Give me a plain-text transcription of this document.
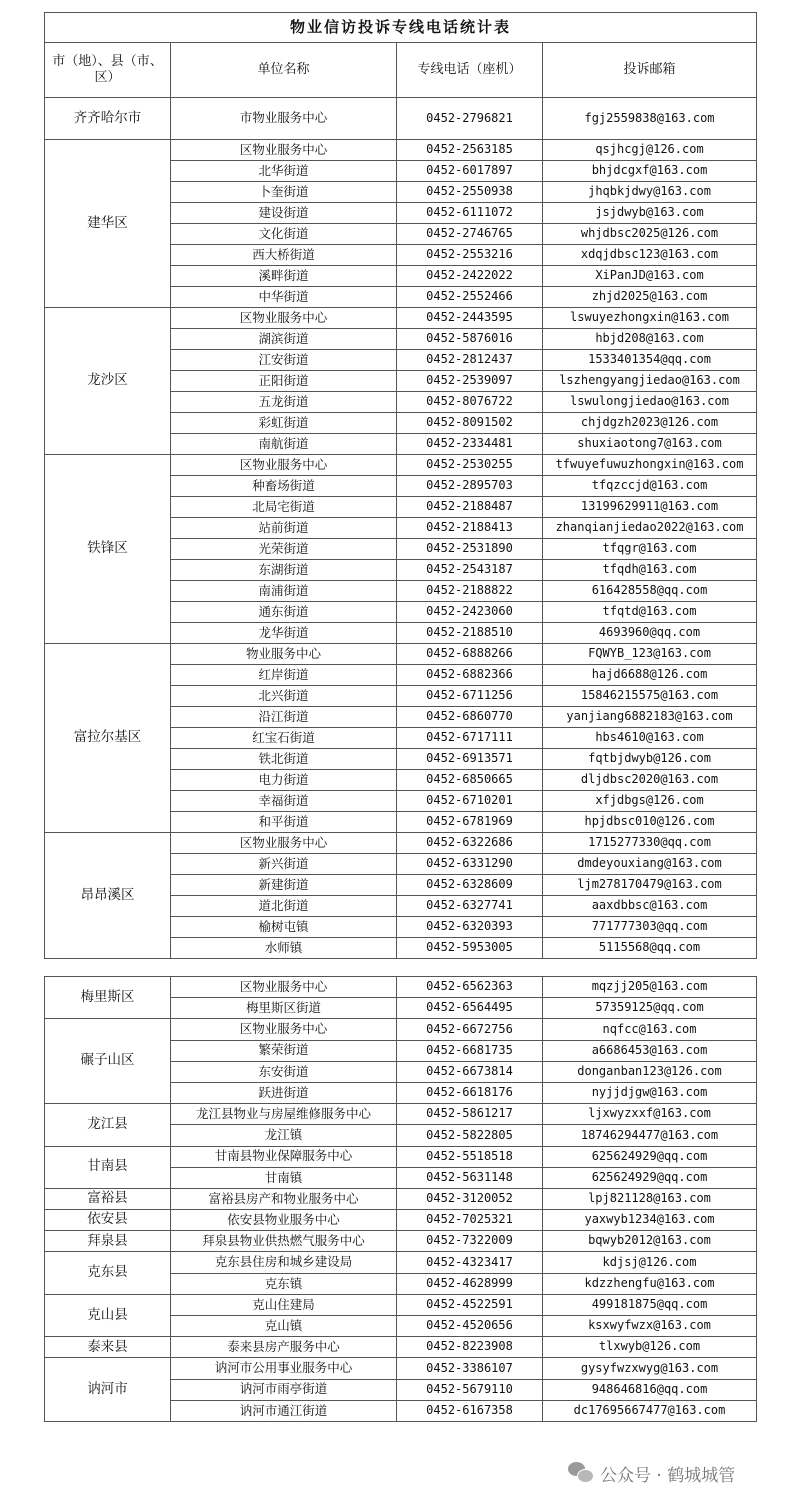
物业信访投诉专线电话统计表			
市（地）、县（市、区）	单位名称	专线电话（座机）	投诉邮箱
齐齐哈尔市	市物业服务中心	0452-2796821	fgj2559838@163.com
建华区	区物业服务中心	0452-2563185	qsjhcgj@126.com
	北华街道	0452-6017897	bhjdcgxf@163.com
	卜奎街道	0452-2550938	jhqbkjdwy@163.com
	建设街道	0452-6111072	jsjdwyb@163.com
	文化街道	0452-2746765	whjdbsc2025@126.com
	西大桥街道	0452-2553216	xdqjdbsc123@163.com
	溪畔街道	0452-2422022	XiPanJD@163.com
	中华街道	0452-2552466	zhjd2025@163.com
龙沙区	区物业服务中心	0452-2443595	lswuyezhongxin@163.com
	湖滨街道	0452-5876016	hbjd208@163.com
	江安街道	0452-2812437	1533401354@qq.com
	正阳街道	0452-2539097	lszhengyangjiedao@163.com
	五龙街道	0452-8076722	lswulongjiedao@163.com
	彩虹街道	0452-8091502	chjdgzh2023@126.com
	南航街道	0452-2334481	shuxiaotong7@163.com
铁锋区	区物业服务中心	0452-2530255	tfwuyefuwuzhongxin@163.com
	种畜场街道	0452-2895703	tfqzccjd@163.com
	北局宅街道	0452-2188487	13199629911@163.com
	站前街道	0452-2188413	zhanqianjiedao2022@163.com
	光荣街道	0452-2531890	tfqgr@163.com
	东湖街道	0452-2543187	tfqdh@163.com
	南浦街道	0452-2188822	616428558@qq.com
	通东街道	0452-2423060	tfqtd@163.com
	龙华街道	0452-2188510	4693960@qq.com
富拉尔基区	物业服务中心	0452-6888266	FQWYB_123@163.com
	红岸街道	0452-6882366	hajd6688@126.com
	北兴街道	0452-6711256	15846215575@163.com
	沿江街道	0452-6860770	yanjiang6882183@163.com
	红宝石街道	0452-6717111	hbs4610@163.com
	铁北街道	0452-6913571	fqtbjdwyb@126.com
	电力街道	0452-6850665	dljdbsc2020@163.com
	幸福街道	0452-6710201	xfjdbgs@126.com
	和平街道	0452-6781969	hpjdbsc010@126.com
昂昂溪区	区物业服务中心	0452-6322686	1715277330@qq.com
	新兴街道	0452-6331290	dmdeyouxiang@163.com
	新建街道	0452-6328609	ljm278170479@163.com
	道北街道	0452-6327741	aaxdbbsc@163.com
	榆树屯镇	0452-6320393	771777303@qq.com
	水师镇	0452-5953005	5115568@qq.com
梅里斯区	区物业服务中心	0452-6562363	mqzjj205@163.com
	梅里斯区街道	0452-6564495	57359125@qq.com
碾子山区	区物业服务中心	0452-6672756	nqfcc@163.com
	繁荣街道	0452-6681735	a6686453@163.com
	东安街道	0452-6673814	donganban123@126.com
	跃进街道	0452-6618176	nyjjdjgw@163.com
龙江县	龙江县物业与房屋维修服务中心	0452-5861217	ljxwyzxxf@163.com
	龙江镇	0452-5822805	18746294477@163.com
甘南县	甘南县物业保障服务中心	0452-5518518	625624929@qq.com
	甘南镇	0452-5631148	625624929@qq.com
富裕县	富裕县房产和物业服务中心	0452-3120052	lpj821128@163.com
依安县	依安县物业服务中心	0452-7025321	yaxwyb1234@163.com
拜泉县	拜泉县物业供热燃气服务中心	0452-7322009	bqwyb2012@163.com
克东县	克东县住房和城乡建设局	0452-4323417	kdjsj@126.com
	克东镇	0452-4628999	kdzzhengfu@163.com
克山县	克山住建局	0452-4522591	499181875@qq.com
	克山镇	0452-4520656	ksxwyfwzx@163.com
泰来县	泰来县房产服务中心	0452-8223908	tlxwyb@126.com
讷河市	讷河市公用事业服务中心	0452-3386107	gysyfwzxwyg@163.com
	讷河市雨亭街道	0452-5679110	948646816@qq.com
	讷河市通江街道	0452-6167358	dc17695667477@163.com
公众号 · 鹤城城管
